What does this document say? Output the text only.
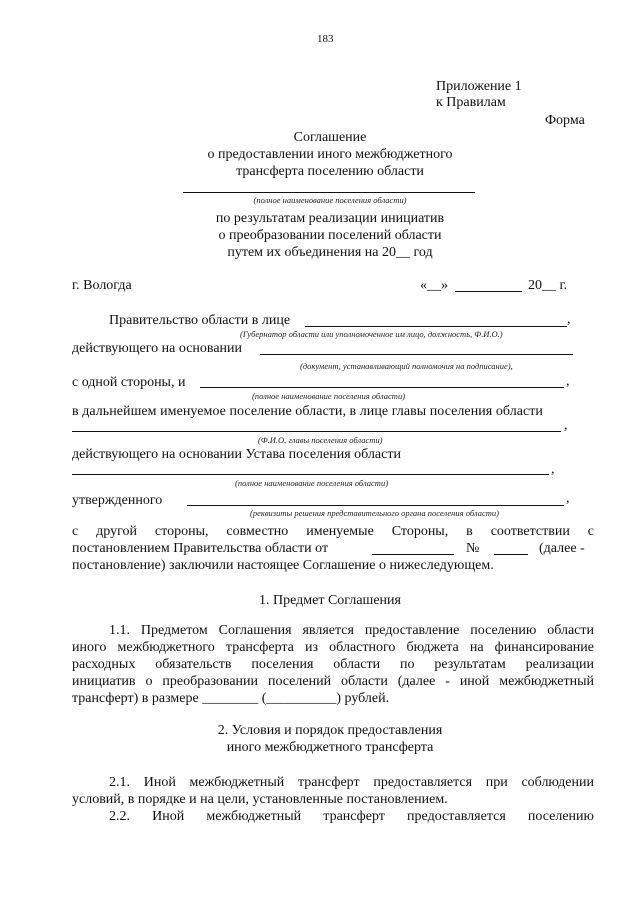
183
Приложение 1
к Правилам
Форма
Соглашение
о предоставлении иного межбюджетного
трансферта поселению области
(полное наименование поселения области)
по результатам реализации инициатив
о преобразовании поселений области
путем их объединения на 20__ год
г. Вологда	«__»	20__ г.
Правительство области в лице	,
(Губернатор области или уполномоченное им лицо, должность, Ф.И.О.)
действующего на основании
(документ, устанавливающий полномочия на подписание),
с одной стороны, и	,
(полное наименование поселения области)
в дальнейшем именуемое поселение области, в лице главы поселения области
,
(Ф.И.О. главы поселения области)
действующего на основании Устава поселения области
,
(полное наименование поселения области)
утвержденного	,
(реквизиты решения представительного органа поселения области)
с другой стороны, совместно именуемые Стороны, в соответствии с
постановлением Правительства области от	№	(далее -
постановление) заключили настоящее Соглашение о нижеследующем.
1. Предмет Соглашения
1.1. Предметом Соглашения является предоставление поселению области
иного межбюджетного трансферта из областного бюджета на финансирование
расходных обязательств поселения области по результатам реализации
инициатив о преобразовании поселений области (далее - иной межбюджетный
трансферт) в размере ________ (__________) рублей.
2. Условия и порядок предоставления
иного межбюджетного трансферта
2.1. Иной межбюджетный трансферт предоставляется при соблюдении
условий, в порядке и на цели, установленные постановлением.
2.2. Иной межбюджетный трансферт предоставляется поселению
